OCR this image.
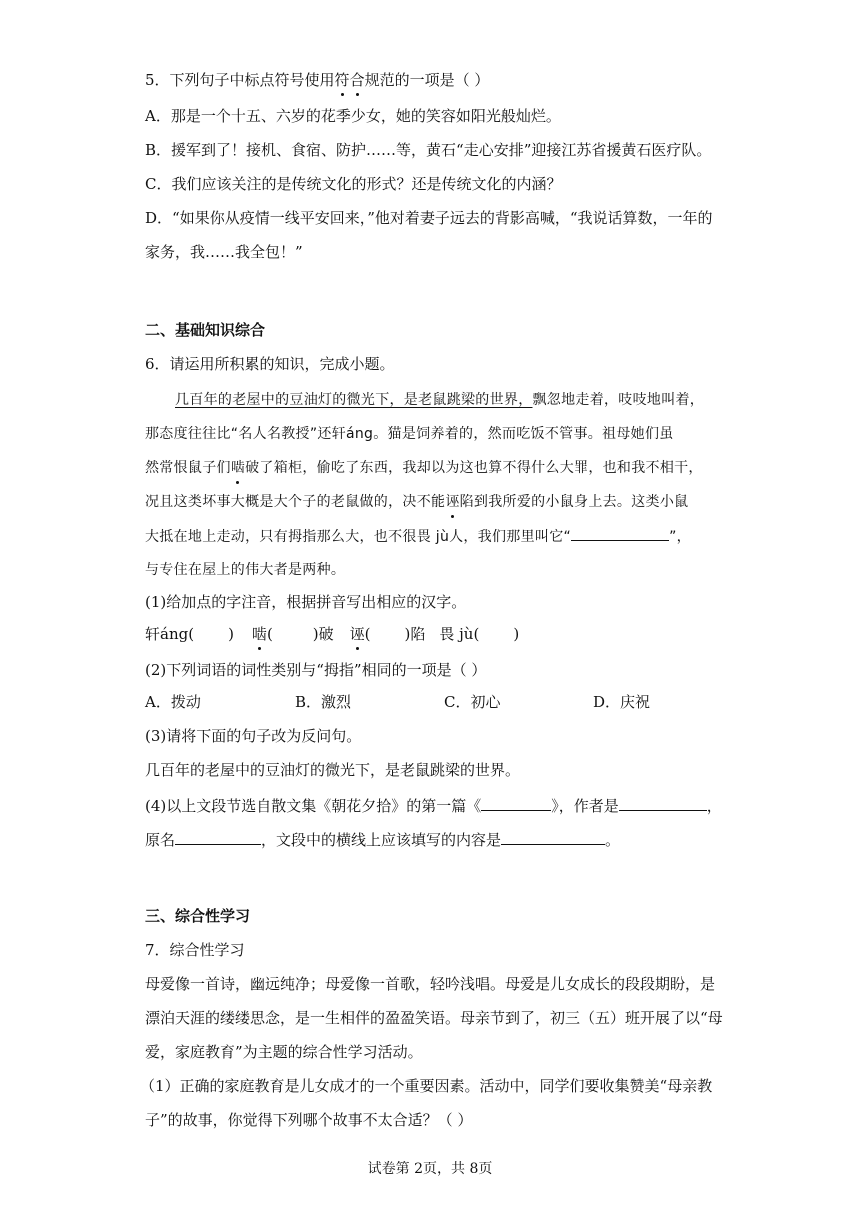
5．下列句子中标点符号使用符合规范的一项是（ ）
A．那是一个十五、六岁的花季少女，她的笑容如阳光般灿烂。
B．援军到了！接机、食宿、防护……等，黄石“走心安排”迎接江苏省援黄石医疗队。
C．我们应该关注的是传统文化的形式？还是传统文化的内涵？
D．“如果你从疫情一线平安回来，”他对着妻子远去的背影高喊，“我说话算数，一年的
家务，我……我全包！”
二、基础知识综合
6．请运用所积累的知识，完成小题。
几百年的老屋中的豆油灯的微光下，是老鼠跳梁的世界，飘忽地走着，吱吱地叫着，
那态度往往比“名人名教授”还轩áng。猫是饲养着的，然而吃饭不管事。祖母她们虽
然常恨鼠子们啮破了箱柜，偷吃了东西，我却以为这也算不得什么大罪，也和我不相干，
况且这类坏事大概是大个子的老鼠做的，决不能诬陷到我所爱的小鼠身上去。这类小鼠
大抵在地上走动，只有拇指那么大，也不很畏 jù人，我们那里叫它“	”，
与专住在屋上的伟大者是两种。
(1)给加点的字注音，根据拼音写出相应的汉字。
轩áng( ) 啮(	)破 诬( )陷 畏 jù( )
(2)下列词语的词性类别与“拇指”相同的一项是（ ）
A．拨动	B．激烈	C．初心	D．庆祝
(3)请将下面的句子改为反问句。
几百年的老屋中的豆油灯的微光下，是老鼠跳梁的世界。
(4)以上文段节选自散文集《朝花夕拾》的第一篇《	》，作者是	，
原名	，文段中的横线上应该填写的内容是	。
三、综合性学习
7．综合性学习
母爱像一首诗，幽远纯净；母爱像一首歌，轻吟浅唱。母爱是儿女成长的段段期盼，是
漂泊天涯的缕缕思念，是一生相伴的盈盈笑语。母亲节到了，初三（五）班开展了以“母
爱，家庭教育”为主题的综合性学习活动。
（1）正确的家庭教育是儿女成才的一个重要因素。活动中，同学们要收集赞美“母亲教
子”的故事，你觉得下列哪个故事不太合适？（ ）
试卷第 2页，共 8页
